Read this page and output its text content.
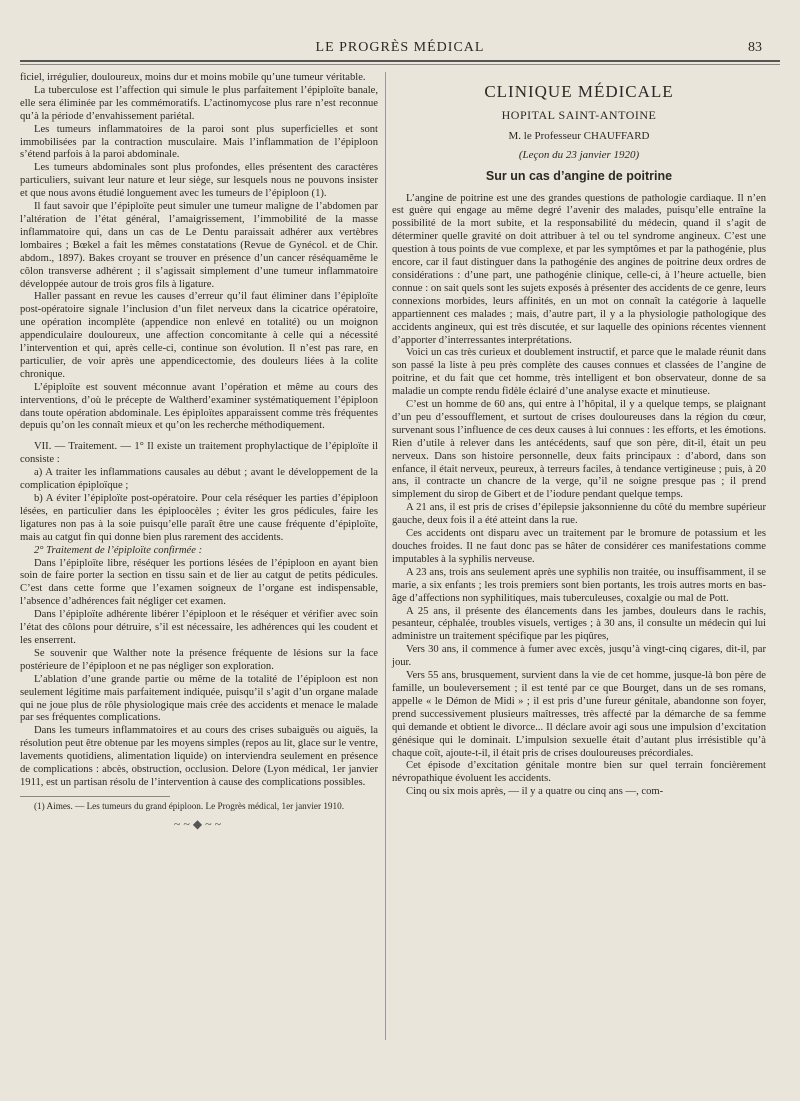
LE PROGRÈS MÉDICAL	83

ficiel, irrégulier, douloureux, moins dur et moins mobile qu’une tumeur véritable.

La tuberculose est l’affection qui simule le plus parfaitement l’épiploïte banale, elle sera éliminée par les commémoratifs. L’actinomycose plus rare n’est reconnue qu’à la période d’envahissement pariétal.

Les tumeurs inflammatoires de la paroi sont plus superficielles et sont immobilisées par la contraction musculaire. Mais l’inflammation de l’épiploon s’étend parfois à la paroi abdominale.

Les tumeurs abdominales sont plus profondes, elles présentent des caractères particuliers, suivant leur nature et leur siège, sur lesquels nous ne pouvons insister et que nous avons étudié longuement avec les tumeurs de l’épiploon (1).

Il faut savoir que l’épiploïte peut simuler une tumeur maligne de l’abdomen par l’altération de l’état général, l’amaigrissement, l’immobilité de la masse inflammatoire qui, dans un cas de Le Dentu paraissait adhérer aux vertèbres lombaires ; Bœkel a fait les mêmes constatations (Revue de Gynécol. et de Chir. abdom., 1897). Bakes croyant se trouver en présence d’un cancer réséquamême le côlon transverse adhérent ; il s’agissait simplement d’une tumeur inflammatoire développée autour de trois gros fils à ligature.

Haller passant en revue les causes d’erreur qu’il faut éliminer dans l’épiploïte post-opératoire signale l’inclusion d’un filet nerveux dans la cicatrice opératoire, une opération incomplète (appendice non enlevé en totalité) ou un moignon appendiculaire douloureux, une affection concomitante à celle qui a nécessité l’intervention et qui, après celle-ci, continue son évolution. Il n’est pas rare, en particulier, de voir après une appendicectomie, des douleurs liées à la colite chronique.

L’épiploïte est souvent méconnue avant l’opération et même au cours des interventions, d’où le précepte de Waltherd’examiner systématiquement l’épiploon dans toute opération abdominale. Les épiploïtes apparaissent comme très fréquentes depuis qu’on les connaît mieux et qu’on les recherche méthodiquement.

VII. — Traitement. — 1° Il existe un traitement prophylactique de l’épiploïte il consiste :

a) A traiter les inflammations causales au début ; avant le développement de la complication épiploïque ;

b) A éviter l’épiploïte post-opératoire. Pour cela réséquer les parties d’épiploon lésées, en particulier dans les épiploocèles ; éviter les gros pédicules, faire les ligatures non pas à la soie puisqu’elle paraît être une cause fréquente d’épiploïte, mais au catgut fin qui donne bien plus rarement des accidents.

2° Traitement de l’épiploïte confirmée :

Dans l’épiploïte libre, réséquer les portions lésées de l’épiploon en ayant bien soin de faire porter la section en tissu sain et de lier au catgut de petits pédicules. C’est dans cette forme que l’examen soigneux de l’organe est indispensable, l’absence d’adhérences fait négliger cet examen.

Dans l’épiploïte adhérente libérer l’épiploon et le réséquer et vérifier avec soin l’état des côlons pour détruire, s’il est nécessaire, les adhérences qui les coudent et les enserrent.

Se souvenir que Walther note la présence fréquente de lésions sur la face postérieure de l’épiploon et ne pas négliger son exploration.

L’ablation d’une grande partie ou même de la totalité de l’épiploon est non seulement légitime mais parfaitement indiquée, puisqu’il s’agit d’un organe malade qui ne joue plus de rôle physiologique mais crée des accidents et menace le malade par ses fréquentes complications.

Dans les tumeurs inflammatoires et au cours des crises subaiguës ou aiguës, la résolution peut être obtenue par les moyens simples (repos au lit, glace sur le ventre, lavements quotidiens, alimentation liquide) on interviendra seulement en présence de complications : abcès, obstruction, occlusion. Delore (Lyon médical, 1er janvier 1911, est un partisan résolu de l’intervention à cause des complications possibles.

(1) Aimes. — Les tumeurs du grand épiploon. Le Progrès médical, 1er janvier 1910.

~~◆~~
CLINIQUE MÉDICALE
HOPITAL SAINT-ANTOINE
M. le Professeur CHAUFFARD
(Leçon du 23 janvier 1920)
Sur un cas d’angine de poitrine

L’angine de poitrine est une des grandes questions de pathologie cardiaque. Il n’en est guère qui engage au même degré l’avenir des malades, puisqu’elle entraîne la possibilité de la mort subite, et la responsabilité du médecin, quand il s’agit de déterminer quelle gravité on doit attribuer à tel ou tel syndrome angineux. C’est une question à tous points de vue complexe, et par les symptômes et par la pathogénie, plus encore, car il faut distinguer dans la pathogénie des angines de poitrine deux ordres de considérations : d’une part, une pathogénie clinique, celle-ci, à l’heure actuelle, bien connue : on sait quels sont les sujets exposés à présenter des accidents de ce genre, leurs connexions morbides, leurs affinités, en un mot on connaît la catégorie à laquelle appartiennent ces malades ; mais, d’autre part, il y a la physiologie pathologique des accidents angineux, qui est très discutée, et sur laquelle des opinions récentes viennent d’apporter d’interressantes interprétations.

Voici un cas très curieux et doublement instructif, et parce que le malade réunit dans son passé la liste à peu près complète des causes connues et classées de l’angine de poitrine, et du fait que cet homme, très intelligent et bon observateur, donne de sa maladie un compte rendu fidèle éclairé d’une analyse exacte et minutieuse.

C’est un homme de 60 ans, qui entre à l’hôpital, il y a quelque temps, se plaignant d’un peu d’essoufflement, et surtout de crises douloureuses dans la région du cœur, survenant sous l’influence de ces deux causes à lui connues : les efforts, et les émotions. Rien d’utile à relever dans les antécédents, sauf que son père, dit-il, était un peu nerveux. Dans son histoire personnelle, deux faits principaux : d’abord, dans son enfance, il était nerveux, peureux, à terreurs faciles, à tendance vertigineuse ; puis, à 20 ans, il contracte un chancre de la verge, qu’il ne soigne presque pas ; il prend simplement du sirop de Gibert et de l’iodure pendant quelque temps.

A 21 ans, il est pris de crises d’épilepsie jaksonnienne du côté du membre supérieur gauche, deux fois il a été atteint dans la rue.

Ces accidents ont disparu avec un traitement par le bromure de potassium et les douches froides. Il ne faut donc pas se hâter de considérer ces manifestations comme imputables à la syphilis nerveuse.

A 23 ans, trois ans seulement après une syphilis non traitée, ou insuffisamment, il se marie, a six enfants ; les trois premiers sont bien portants, les trois autres morts en bas-âge d’affections non syphilitiques, mais tuberculeuses, coxalgie ou mal de Pott.

A 25 ans, il présente des élancements dans les jambes, douleurs dans le rachis, pesanteur, céphalée, troubles visuels, vertiges ; à 30 ans, il consulte un médecin qui lui administre un traitement spécifique par les piqûres,

Vers 30 ans, il commence à fumer avec excès, jusqu’à vingt-cinq cigares, dit-il, par jour.

Vers 55 ans, brusquement, survient dans la vie de cet homme, jusque-là bon père de famille, un bouleversement ; il est tenté par ce que Bourget, dans un de ses romans, appelle « le Démon de Midi » ; il est pris d’une fureur génitale, abandonne son foyer, prend successivement plusieurs maîtresses, très affecté par la démarche de sa femme qui demande et obtient le divorce... Il déclare avoir agi sous une impulsion d’excitation génésique qui le dominait. L’impulsion sexuelle était d’autant plus irrésistible qu’à chaque coït, ajoute-t-il, il était pris de crises douloureuses précordiales.

Cet épisode d’excitation génitale montre bien sur quel terrain foncièrement névropathique évoluent les accidents.

Cinq ou six mois après, — il y a quatre ou cinq ans —, com-
